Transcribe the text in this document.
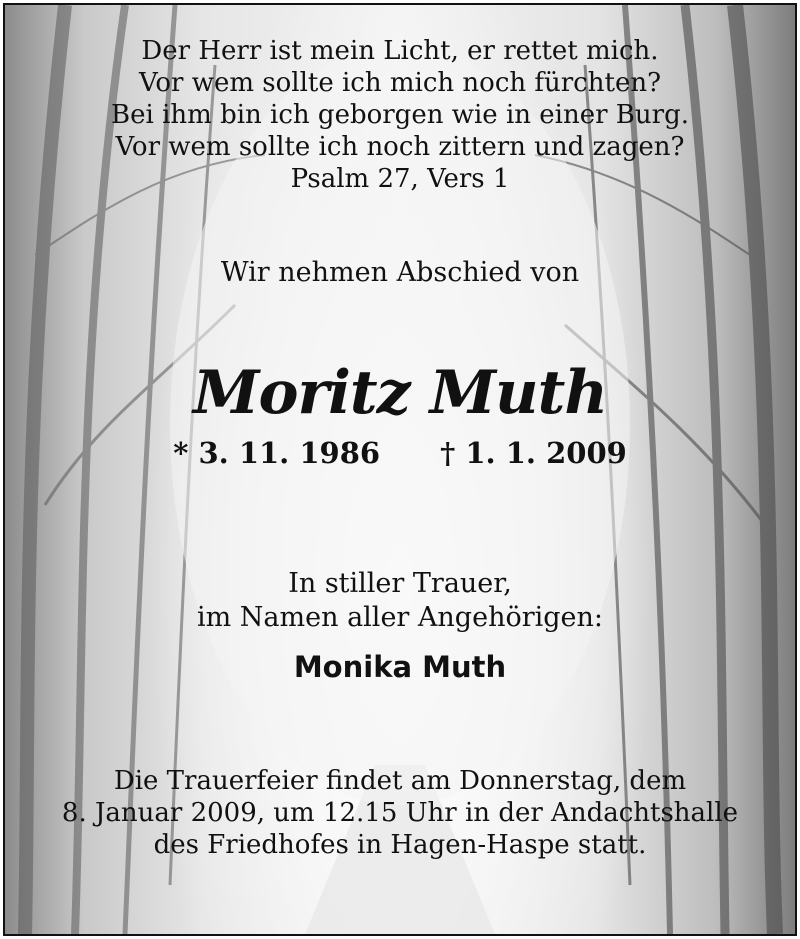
Der Herr ist mein Licht, er rettet mich.
Vor wem sollte ich mich noch fürchten?
Bei ihm bin ich geborgen wie in einer Burg.
Vor wem sollte ich noch zittern und zagen?
Psalm 27, Vers 1
Wir nehmen Abschied von
Moritz Muth
* 3. 11. 1986 † 1. 1. 2009
In stiller Trauer,
im Namen aller Angehörigen:
Monika Muth
Die Trauerfeier findet am Donnerstag, dem
8. Januar 2009, um 12.15 Uhr in der Andachtshalle
des Friedhofes in Hagen-Haspe statt.
